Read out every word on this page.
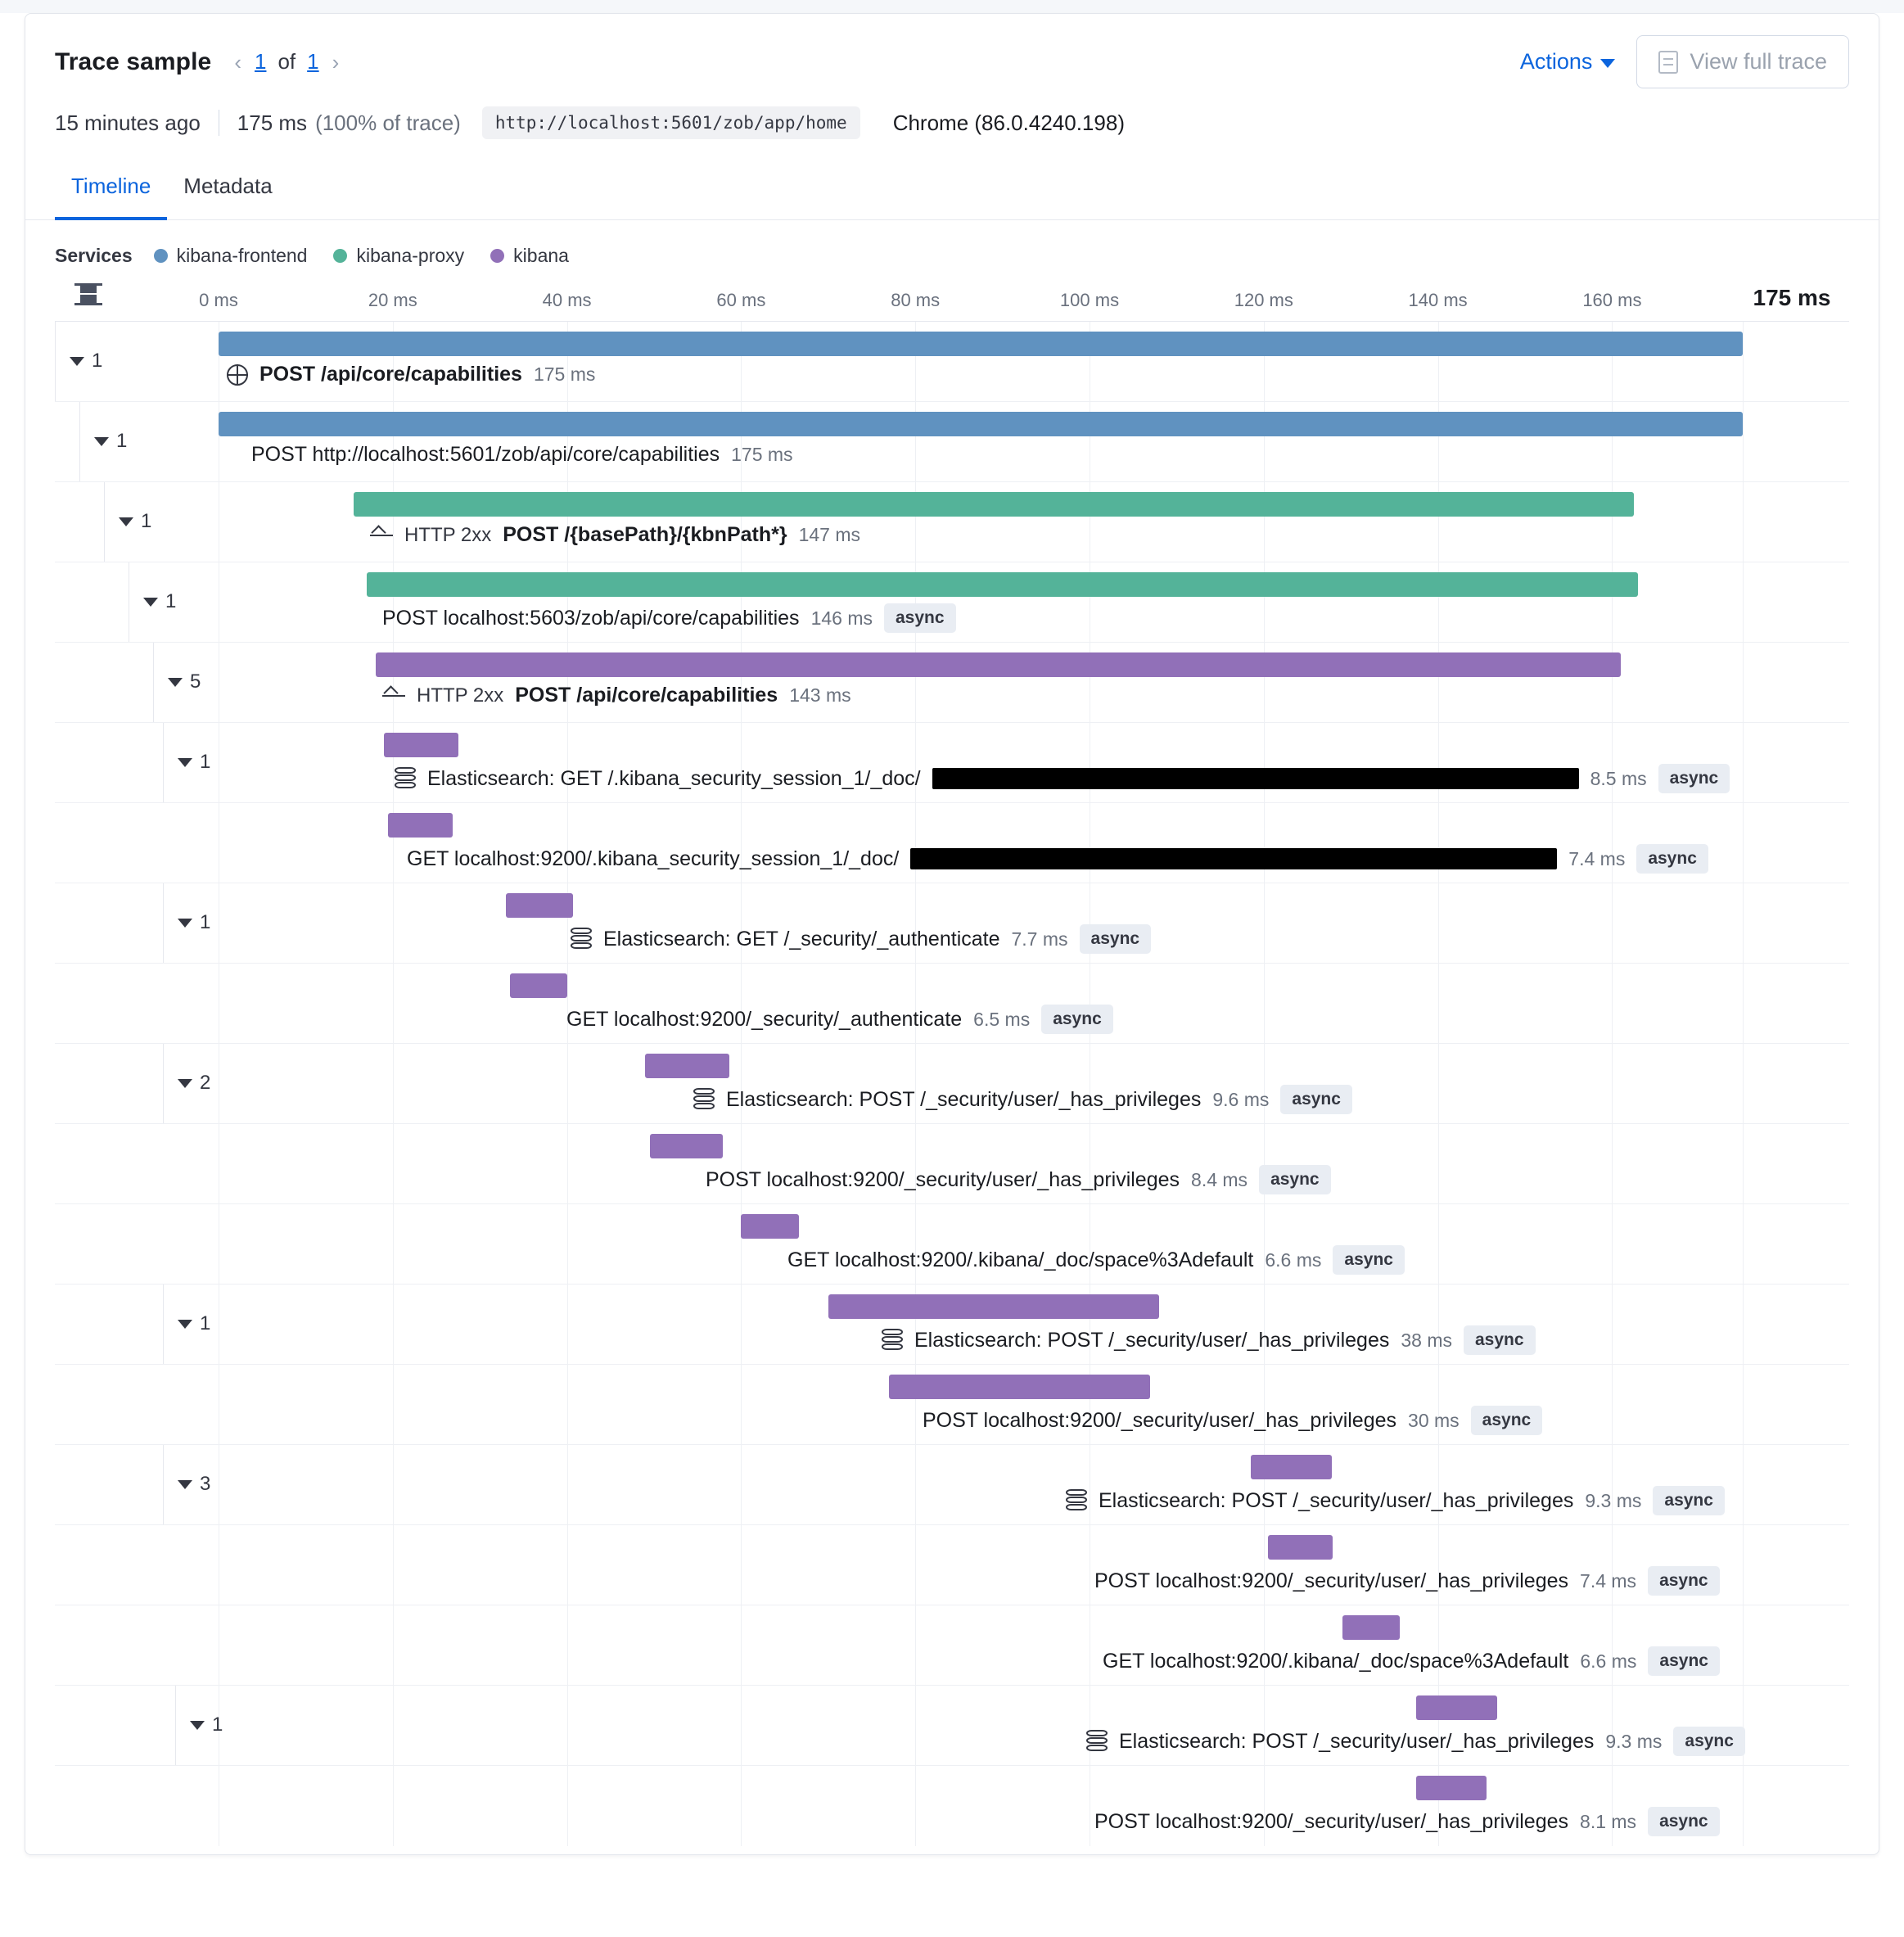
Trace sample ‹ 1 of 1 ›	Actions	View full trace
15 minutes ago 175 ms (100% of trace)	http://localhost:5601/zob/app/home	Chrome (86.0.4240.198)
Timeline	Metadata
Services kibana-frontend	kibana-proxy	kibana
0 ms	20 ms	40 ms	60 ms	80 ms	100 ms	120 ms	140 ms	160 ms	175 ms
1
POST /api/core/capabilities 175 ms
1
POST http://localhost:5601/zob/api/core/capabilities 175 ms
1
HTTP 2xx POST /{basePath}/{kbnPath*} 147 ms
1
POST localhost:5603/zob/api/core/capabilities 146 ms	async
5
HTTP 2xx POST /api/core/capabilities 143 ms
1
Elasticsearch: GET /.kibana_security_session_1/_doc/	8.5 ms	async
GET localhost:9200/.kibana_security_session_1/_doc/	7.4 ms	async
1
Elasticsearch: GET /_security/_authenticate 7.7 ms	async
GET localhost:9200/_security/_authenticate 6.5 ms	async
2
Elasticsearch: POST /_security/user/_has_privileges 9.6 ms	async
POST localhost:9200/_security/user/_has_privileges 8.4 ms	async
GET localhost:9200/.kibana/_doc/space%3Adefault 6.6 ms	async
1
Elasticsearch: POST /_security/user/_has_privileges 38 ms	async
POST localhost:9200/_security/user/_has_privileges 30 ms	async
3
Elasticsearch: POST /_security/user/_has_privileges 9.3 ms	async
POST localhost:9200/_security/user/_has_privileges 7.4 ms	async
GET localhost:9200/.kibana/_doc/space%3Adefault 6.6 ms	async
1
Elasticsearch: POST /_security/user/_has_privileges 9.3 ms	async
POST localhost:9200/_security/user/_has_privileges 8.1 ms	async
